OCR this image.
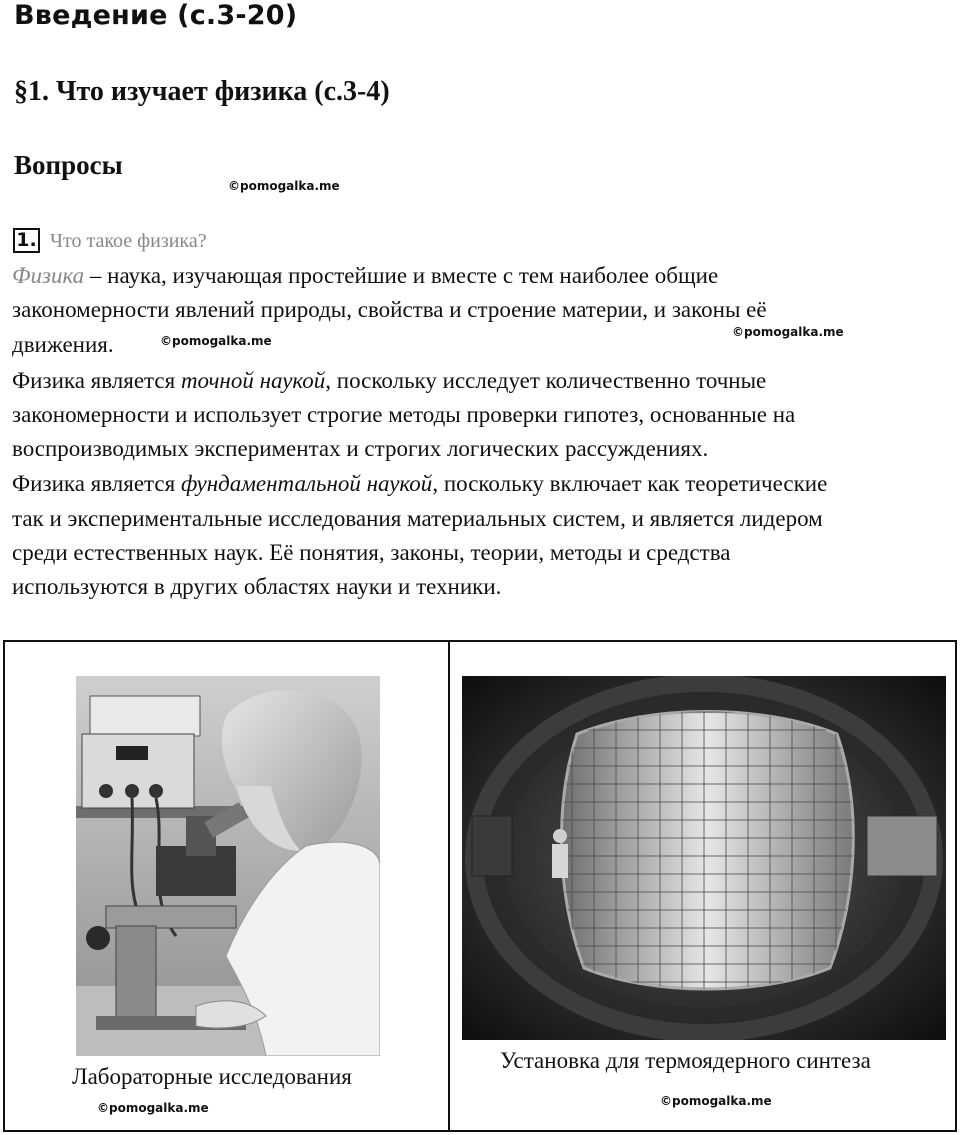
Введение (с.3-20)
§1. Что изучает физика (с.3-4)
Вопросы
©pomogalka.me
1. Что такое физика?
Физика – наука, изучающая простейшие и вместе с тем наиболее общие
закономерности явлений природы, свойства и строение материи, и законы её
движения.	©pomogalka.me
©pomogalka.me
Физика является точной наукой, поскольку исследует количественно точные
закономерности и использует строгие методы проверки гипотез, основанные на
воспроизводимых экспериментах и строгих логических рассуждениях.
Физика является фундаментальной наукой, поскольку включает как теоретические
так и экспериментальные исследования материальных систем, и является лидером
среди естественных наук. Её понятия, законы, теории, методы и средства
используются в других областях науки и техники.
Лабораторные исследования
©pomogalka.me
Установка для термоядерного синтеза
©pomogalka.me
